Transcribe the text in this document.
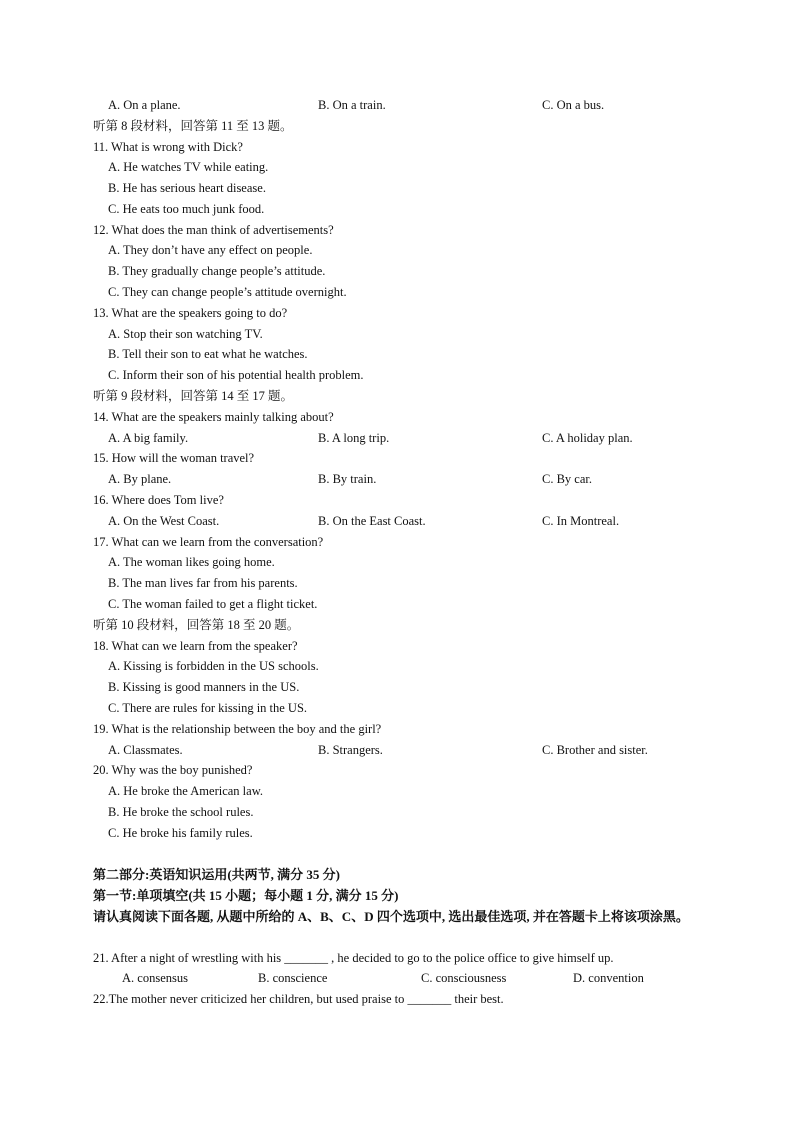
A. On a plane.	B. On a train.	C. On a bus.
听第 8 段材料，回答第 11 至 13 题。
11. What is wrong with Dick?
A. He watches TV while eating.
B. He has serious heart disease.
C. He eats too much junk food.
12. What does the man think of advertisements?
A. They don’t have any effect on people.
B. They gradually change people’s attitude.
C. They can change people’s attitude overnight.
13. What are the speakers going to do?
A. Stop their son watching TV.
B. Tell their son to eat what he watches.
C. Inform their son of his potential health problem.
听第 9 段材料，回答第 14 至 17 题。
14. What are the speakers mainly talking about?
A. A big family.	B. A long trip.	C. A holiday plan.
15. How will the woman travel?
A. By plane.	B. By train.	C. By car.
16. Where does Tom live?
A. On the West Coast.	B. On the East Coast.	C. In Montreal.
17. What can we learn from the conversation?
A. The woman likes going home.
B. The man lives far from his parents.
C. The woman failed to get a flight ticket.
听第 10 段材料，回答第 18 至 20 题。
18. What can we learn from the speaker?
A. Kissing is forbidden in the US schools.
B. Kissing is good manners in the US.
C. There are rules for kissing in the US.
19. What is the relationship between the boy and the girl?
A. Classmates.	B. Strangers.	C. Brother and sister.
20. Why was the boy punished?
A. He broke the American law.
B. He broke the school rules.
C. He broke his family rules.
第二部分:英语知识运用(共两节, 满分 35 分)
第一节:单项填空(共 15 小题；每小题 1 分, 满分 15 分)
请认真阅读下面各题, 从题中所给的 A、B、C、D 四个选项中, 选出最佳选项, 并在答题卡上将该项涂黑。
21. After a night of wrestling with his _______ , he decided to go to the police office to give himself up.
A. consensus	B. conscience	C. consciousness	D. convention
22.The mother never criticized her children, but used praise to _______ their best.
